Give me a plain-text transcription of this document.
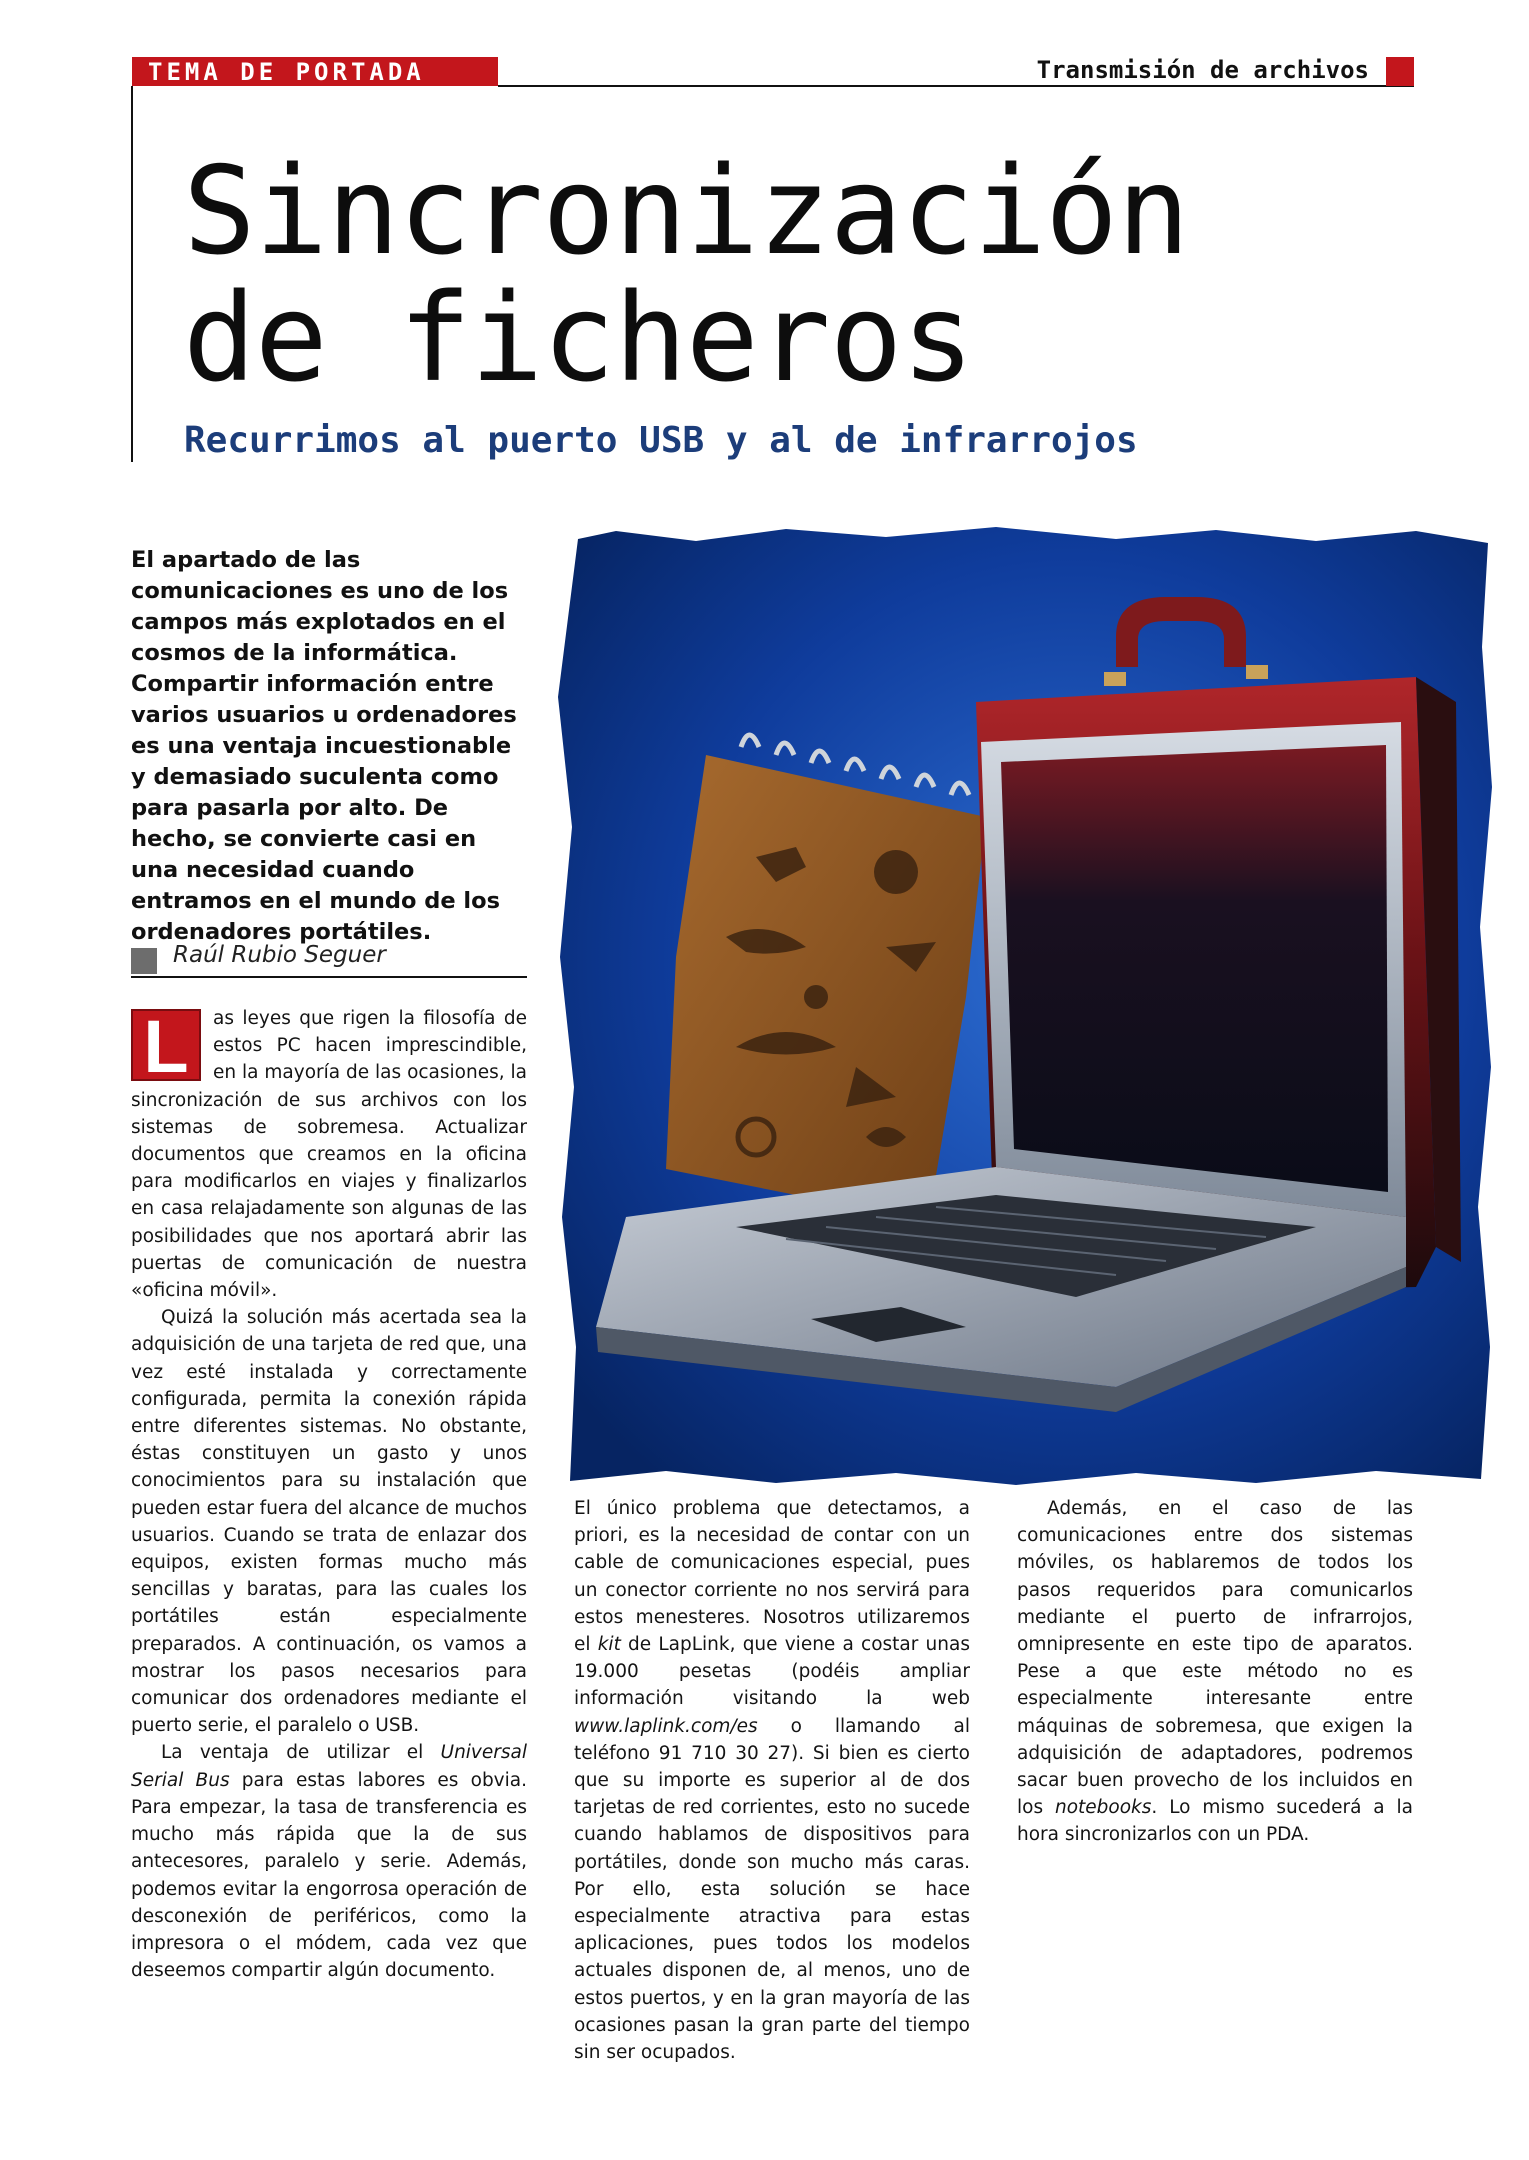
TEMA DE PORTADA	Transmisión de archivos
Sincronización
de ficheros
Recurrimos al puerto USB y al de infrarrojos

El apartado de las comunicaciones es uno de los campos más explotados en el cosmos de la informática. Compartir información entre varios usuarios u ordenadores es una ventaja incuestionable y demasiado suculenta como para pasarla por alto. De hecho, se convierte casi en una necesidad cuando entramos en el mundo de los ordenadores portátiles.

Raúl Rubio Seguer

L	as leyes que rigen la filosofía de estos PC hacen imprescindible, en la mayoría de las ocasiones, la sincronización de sus archivos con los sistemas de sobremesa. Actualizar documentos que creamos en la oficina para modificarlos en viajes y finalizarlos en casa relajadamente son algunas de las posibilidades que nos aportará abrir las puertas de comunicación de nuestra «oficina móvil».

Quizá la solución más acertada sea la adquisición de una tarjeta de red que, una vez esté instalada y correctamente configurada, permita la conexión rápida entre diferentes sistemas. No obstante, éstas constituyen un gasto y unos conocimientos para su instalación que pueden estar fuera del alcance de muchos usuarios. Cuando se trata de enlazar dos equipos, existen formas mucho más sencillas y baratas, para las cuales los portátiles están especialmente preparados. A continuación, os vamos a mostrar los pasos necesarios para comunicar dos ordenadores mediante el puerto serie, el paralelo o USB.

La ventaja de utilizar el Universal Serial Bus para estas labores es obvia. Para empezar, la tasa de transferencia es mucho más rápida que la de sus antecesores, paralelo y serie. Además, podemos evitar la engorrosa operación de desconexión de periféricos, como la impresora o el módem, cada vez que deseemos compartir algún documento.

El único problema que detectamos, a priori, es la necesidad de contar con un cable de comunicaciones especial, pues un conector corriente no nos servirá para estos menesteres. Nosotros utilizaremos el kit de LapLink, que viene a costar unas 19.000 pesetas (podéis ampliar información visitando la web www.laplink.com/es o llamando al teléfono 91 710 30 27). Si bien es cierto que su importe es superior al de dos tarjetas de red corrientes, esto no sucede cuando hablamos de dispositivos para portátiles, donde son mucho más caras. Por ello, esta solución se hace especialmente atractiva para estas aplicaciones, pues todos los modelos actuales disponen de, al menos, uno de estos puertos, y en la gran mayoría de las ocasiones pasan la gran parte del tiempo sin ser ocupados.

Además, en el caso de las comunicaciones entre dos sistemas móviles, os hablaremos de todos los pasos requeridos para comunicarlos mediante el puerto de infrarrojos, omnipresente en este tipo de aparatos. Pese a que este método no es especialmente interesante entre máquinas de sobremesa, que exigen la adquisición de adaptadores, podremos sacar buen provecho de los incluidos en los notebooks. Lo mismo sucederá a la hora sincronizarlos con un PDA.
